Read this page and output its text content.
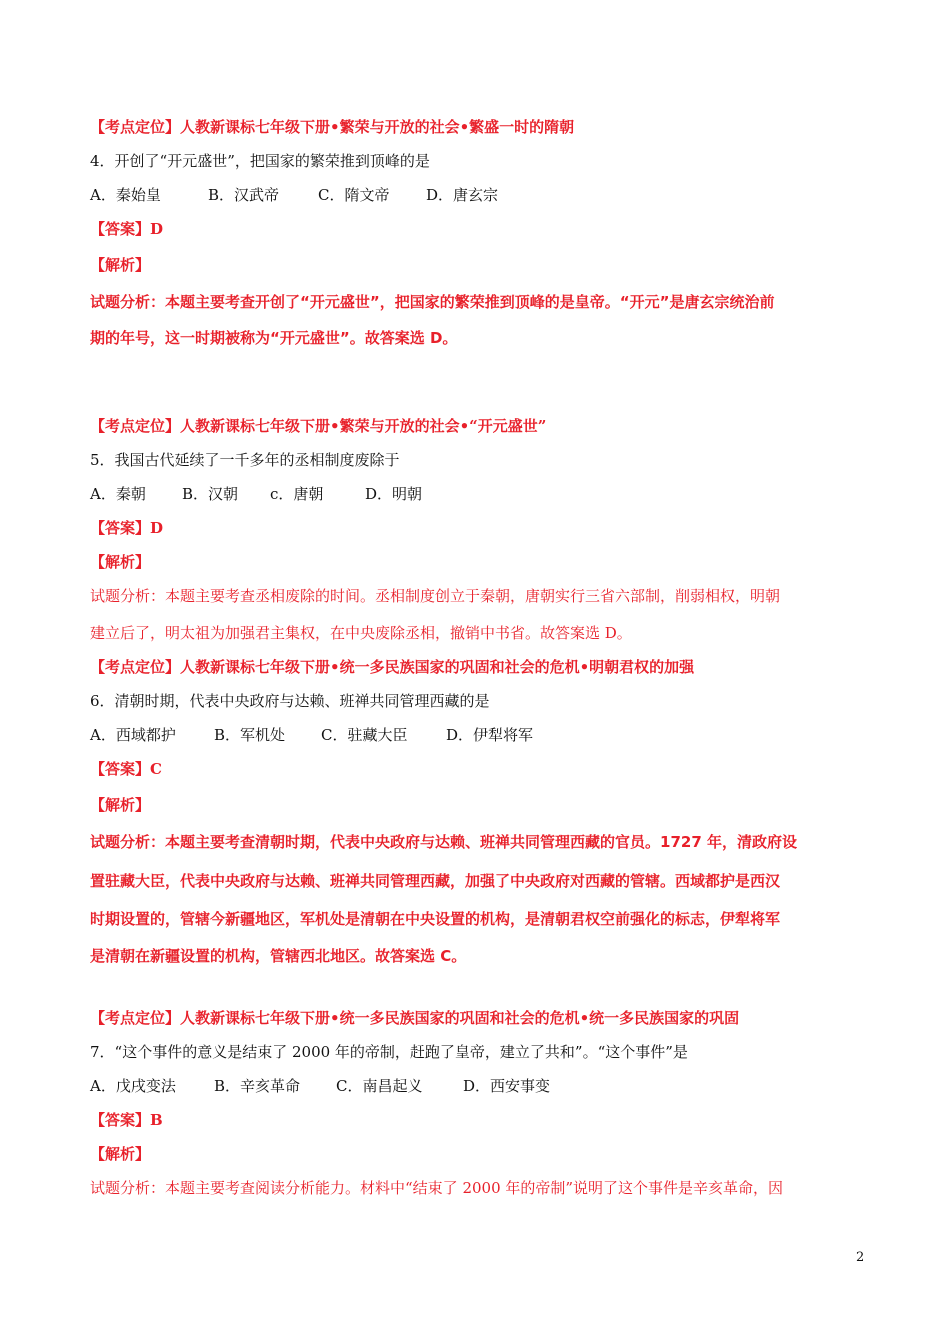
【考点定位】人教新课标七年级下册•繁荣与开放的社会•繁盛一时的隋朝
4．开创了“开元盛世”，把国家的繁荣推到顶峰的是
A．秦始皇	B．汉武帝	C．隋文帝 D．唐玄宗
【答案】D
【解析】
试题分析：本题主要考查开创了“开元盛世”，把国家的繁荣推到顶峰的是皇帝。“开元”是唐玄宗统治前
期的年号，这一时期被称为“开元盛世”。故答案选 D。
【考点定位】人教新课标七年级下册•繁荣与开放的社会•“开元盛世”
5．我国古代延续了一千多年的丞相制度废除于
A．秦朝 B．汉朝 c．唐朝	D．明朝
【答案】D
【解析】
试题分析：本题主要考查丞相废除的时间。丞相制度创立于秦朝，唐朝实行三省六部制，削弱相权，明朝
建立后了，明太祖为加强君主集权，在中央废除丞相，撤销中书省。故答案选 D。
【考点定位】人教新课标七年级下册•统一多民族国家的巩固和社会的危机•明朝君权的加强
6．清朝时期，代表中央政府与达赖、班禅共同管理西藏的是
A．西域都护	B．军机处 C．驻藏大臣	D．伊犁将军
【答案】C
【解析】
试题分析：本题主要考查清朝时期，代表中央政府与达赖、班禅共同管理西藏的官员。1727 年，清政府设
置驻藏大臣，代表中央政府与达赖、班禅共同管理西藏，加强了中央政府对西藏的管辖。西域都护是西汉
时期设置的，管辖今新疆地区，军机处是清朝在中央设置的机构，是清朝君权空前强化的标志，伊犁将军
是清朝在新疆设置的机构，管辖西北地区。故答案选 C。
【考点定位】人教新课标七年级下册•统一多民族国家的巩固和社会的危机•统一多民族国家的巩固
7．“这个事件的意义是结束了 2000 年的帝制，赶跑了皇帝，建立了共和”。“这个事件”是
A．戊戌变法	B．辛亥革命 C．南昌起义	D．西安事变
【答案】B
【解析】
试题分析：本题主要考查阅读分析能力。材料中“结束了 2000 年的帝制”说明了这个事件是辛亥革命，因
2
